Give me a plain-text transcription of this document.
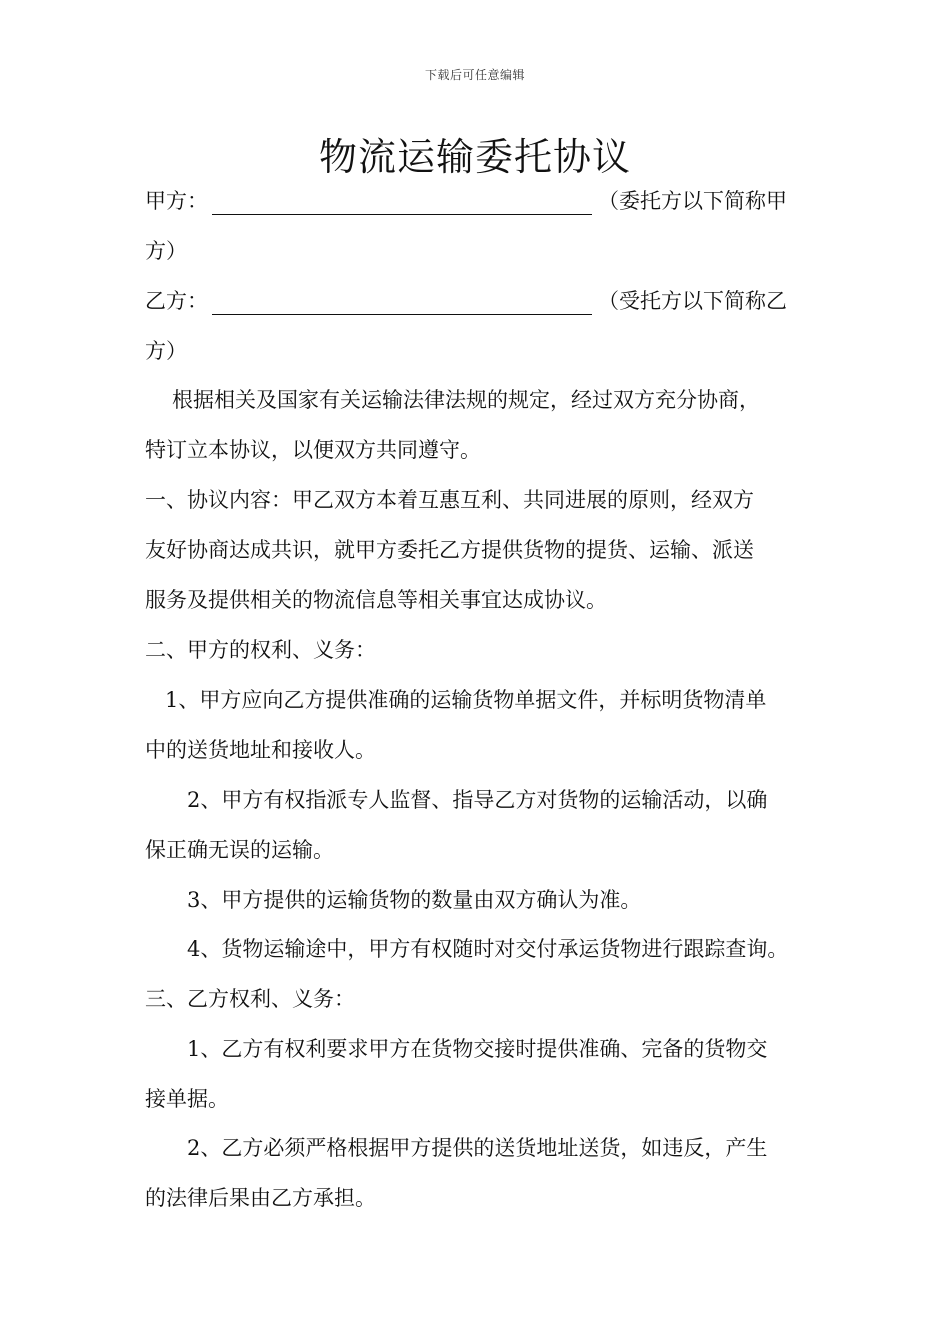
下载后可任意编辑
物流运输委托协议
甲方：	（委托方以下简称甲
方）
乙方：	（受托方以下简称乙
方）
根据相关及国家有关运输法律法规的规定，经过双方充分协商，
特订立本协议，以便双方共同遵守。
一、协议内容：甲乙双方本着互惠互利、共同进展的原则，经双方
友好协商达成共识，就甲方委托乙方提供货物的提货、运输、派送
服务及提供相关的物流信息等相关事宜达成协议。
二、甲方的权利、义务：
1、甲方应向乙方提供准确的运输货物单据文件，并标明货物清单
中的送货地址和接收人。
2、甲方有权指派专人监督、指导乙方对货物的运输活动，以确
保正确无误的运输。
3、甲方提供的运输货物的数量由双方确认为准。
4、货物运输途中，甲方有权随时对交付承运货物进行跟踪查询。
三、乙方权利、义务：
1、乙方有权利要求甲方在货物交接时提供准确、完备的货物交
接单据。
2、乙方必须严格根据甲方提供的送货地址送货，如违反，产生
的法律后果由乙方承担。
